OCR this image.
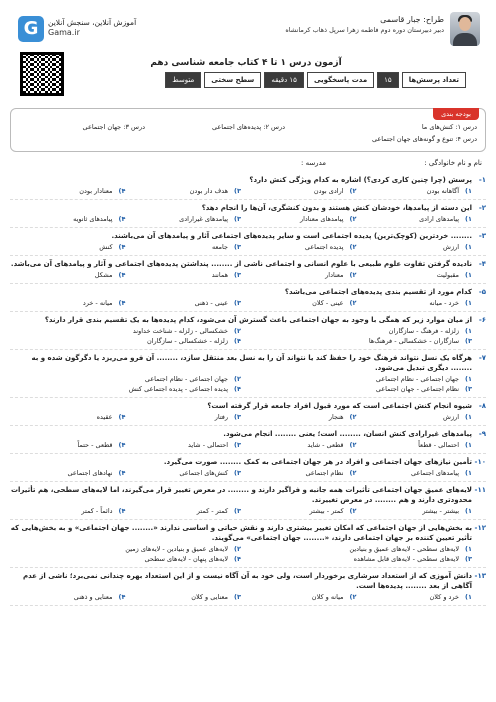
G	آموزش آنلاین، سنجش آنلاین
Gama.ir
طراح: جبار قاسمی
دبیر دبیرستان دوره دوم فاطمه زهرا سرپل ذهاب کرمانشاه
آزمون درس ۱ تا ۴ کتاب جامعه شناسی دهم
تعداد پرسش‌ها
۱۵
مدت پاسخگویی
۱۵ دقیقه
سطح سختی
متوسط
بودجه بندی
درس ۱: کنش‌های ما
درس ۲: پدیده‌های اجتماعی
درس ۳: جهان اجتماعی
درس ۴: تنوع و گونه‌های جهان اجتماعی
نام و نام خانوادگی :
مدرسه :
۱-
پرسش (چرا چنین کاری کردی؟) اشاره به کدام ویژگی کنش دارد؟
۱)
آگاهانه بودن
۲)
ارادی بودن
۳)
هدف دار بودن
۴)
معنادار بودن
۲-
این دسته از پیامدها، خودشان کنش هستند و بدون کنشگری، آن‌ها را انجام دهد؟
۱)
پیامدهای ارادی
۲)
پیامدهای معنادار
۳)
پیامدهای غیرارادی
۴)
پیامدهای ثانویه
۳-
........ خردترین (کوچک‌ترین) پدیده اجتماعی است و سایر پدیده‌های اجتماعی آثار و پیامدهای آن می‌باشند.
۱)
ارزش
۲)
پدیده اجتماعی
۳)
جامعه
۴)
کنش
۴-
نادیده گرفتن تفاوت علوم طبیعی با علوم انسانی و اجتماعی ناشی از ........ پنداشتن پدیده‌های اجتماعی و آثار و پیامدهای آن می‌باشد.
۱)
مقبولیت
۲)
معنادار
۳)
همانند
۴)
مشکل
۵-
کدام مورد از تقسیم بندی پدیده‌های اجتماعی می‌باشد؟
۱)
خرد - میانه
۲)
عینی - کلان
۳)
عینی - ذهنی
۴)
میانه - خرد
۶-
از میان موارد زیر که همگی با وجود به جهان اجتماعی باعث گسترش آن می‌شود، کدام پدیده‌ها به یک تقسیم بندی قرار دارند؟
۱)
زلزله - فرهنگ - سازگاران
۲)
خشکسالی - زلزله - شناخت خداوند
۳)
سازگاران - خشکسالی - فرهنگ‌ها
۴)
زلزله - خشکسالی - سازگاران
۷-
هرگاه یک نسل نتواند فرهنگ خود را حفظ کند یا نتواند آن را به نسل بعد منتقل سازد، ........ آن فرو می‌ریزد یا دگرگون شده و به ........ دیگری تبدیل می‌شود.
۱)
جهان اجتماعی - نظام اجتماعی
۲)
جهان اجتماعی - نظام اجتماعی
۳)
نظام اجتماعی - جهان اجتماعی
۴)
پدیده اجتماعی - پدیده اجتماعی کنش
۸-
شیوه انجام کنش اجتماعی است که مورد قبول افراد جامعه قرار گرفته است؟
۱)
ارزش
۲)
هنجار
۳)
رفتار
۴)
عقیده
۹-
پیامدهای غیرارادی کنش انسان، ........ است؛ یعنی ........ انجام می‌شود.
۱)
احتمالی - قطعاً
۲)
قطعی - شاید
۳)
احتمالی - شاید
۴)
قطعی - حتماً
۱۰-
تأمین نیازهای جهان اجتماعی و افراد در هر جهان اجتماعی به کمک ........ صورت می‌گیرد.
۱)
پیامدهای اجتماعی
۲)
نظام اجتماعی
۳)
کنش‌های اجتماعی
۴)
نهادهای اجتماعی
۱۱-
لایه‌های عمیق جهان اجتماعی تأثیرات همه جانبه و فراگیر دارند و ........ در معرض تغییر قرار می‌گیرند، اما لایه‌های سطحی، هم تأثیرات محدودتری دارند و هم ........ در معرض تغییرند.
۱)
بیشتر - بیشتر
۲)
کمتر - بیشتر
۳)
کمتر - کمتر
۴)
دائماً - کمتر
۱۲-
به بخش‌هایی از جهان اجتماعی که امکان تغییر بیشتری دارند و نقش حیاتی و اساسی ندارند «........ جهان اجتماعی» و به بخش‌هایی که تأثیر تعیین کننده بر جهان اجتماعی دارند، «........ جهان اجتماعی» می‌گویند.
۱)
لایه‌های سطحی - لایه‌های عمیق و بنیادین
۲)
لایه‌های عمیق و بنیادین - لایه‌های زمین
۳)
لایه‌های سطحی - لایه‌های قابل مشاهده
۴)
لایه‌های پنهان - لایه‌های سطحی
۱۳-
دانش آموزی که از استعداد سرشاری برخوردار است، ولی خود به آن آگاه نیست و از این استعداد بهره چندانی نمی‌برد؛ ناشی از عدم آگاهی از بعد ........ پدیده‌ها است.
۱)
خرد و کلان
۲)
میانه و کلان
۳)
معنایی و کلان
۴)
معنایی و ذهنی
